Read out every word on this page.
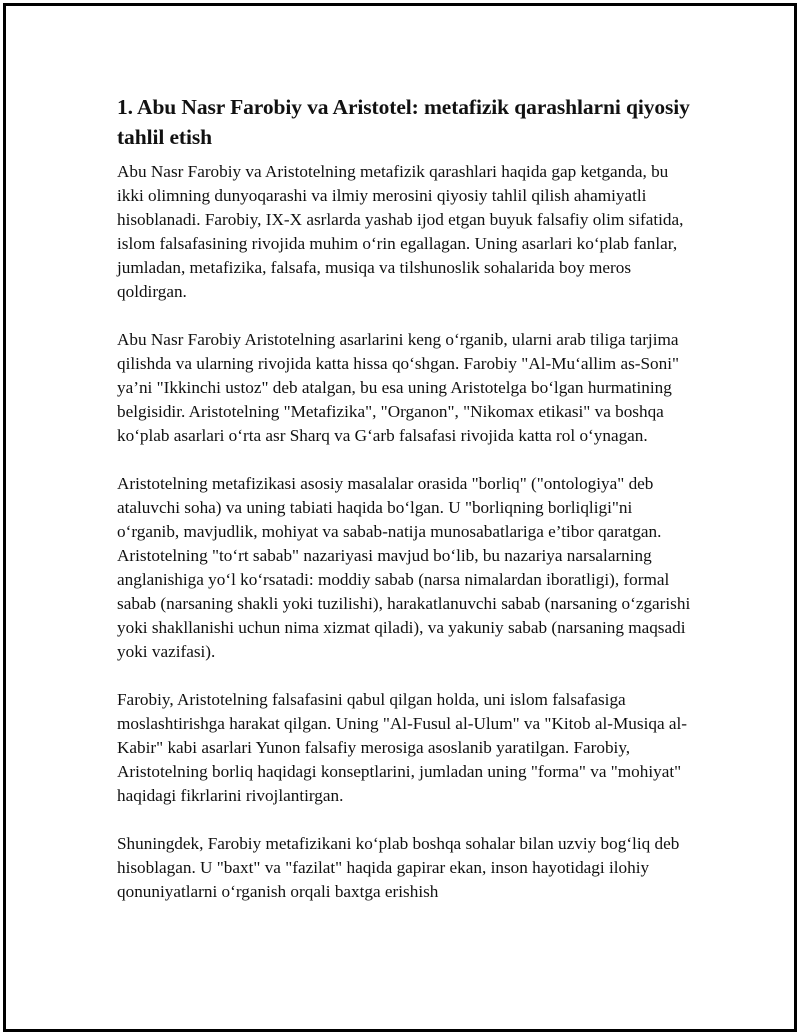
1. Abu Nasr Farobiy va Aristotel: metafizik qarashlarni qiyosiy tahlil etish

Abu Nasr Farobiy va Aristotelning metafizik qarashlari haqida gap ketganda, bu ikki olimning dunyoqarashi va ilmiy merosini qiyosiy tahlil qilish ahamiyatli hisoblanadi. Farobiy, IX-X asrlarda yashab ijod etgan buyuk falsafiy olim sifatida, islom falsafasining rivojida muhim o‘rin egallagan. Uning asarlari ko‘plab fanlar, jumladan, metafizika, falsafa, musiqa va tilshunoslik sohalarida boy meros qoldirgan.

Abu Nasr Farobiy Aristotelning asarlarini keng o‘rganib, ularni arab tiliga tarjima qilishda va ularning rivojida katta hissa qo‘shgan. Farobiy "Al-Mu‘allim as-Soni" ya’ni "Ikkinchi ustoz" deb atalgan, bu esa uning Aristotelga bo‘lgan hurmatining belgisidir. Aristotelning "Metafizika", "Organon", "Nikomax etikasi" va boshqa ko‘plab asarlari o‘rta asr Sharq va G‘arb falsafasi rivojida katta rol o‘ynagan.

Aristotelning metafizikasi asosiy masalalar orasida "borliq" ("ontologiya" deb ataluvchi soha) va uning tabiati haqida bo‘lgan. U "borliqning borliqligi"ni o‘rganib, mavjudlik, mohiyat va sabab-natija munosabatlariga e’tibor qaratgan. Aristotelning "to‘rt sabab" nazariyasi mavjud bo‘lib, bu nazariya narsalarning anglanishiga yo‘l ko‘rsatadi: moddiy sabab (narsa nimalardan iboratligi), formal sabab (narsaning shakli yoki tuzilishi), harakatlanuvchi sabab (narsaning o‘zgarishi yoki shakllanishi uchun nima xizmat qiladi), va yakuniy sabab (narsaning maqsadi yoki vazifasi).

Farobiy, Aristotelning falsafasini qabul qilgan holda, uni islom falsafasiga moslashtirishga harakat qilgan. Uning "Al-Fusul al-Ulum" va "Kitob al-Musiqa al-Kabir" kabi asarlari Yunon falsafiy merosiga asoslanib yaratilgan. Farobiy, Aristotelning borliq haqidagi konseptlarini, jumladan uning "forma" va "mohiyat" haqidagi fikrlarini rivojlantirgan.

Shuningdek, Farobiy metafizikani ko‘plab boshqa sohalar bilan uzviy bog‘liq deb hisoblagan. U "baxt" va "fazilat" haqida gapirar ekan, inson hayotidagi ilohiy qonuniyatlarni o‘rganish orqali baxtga erishish
